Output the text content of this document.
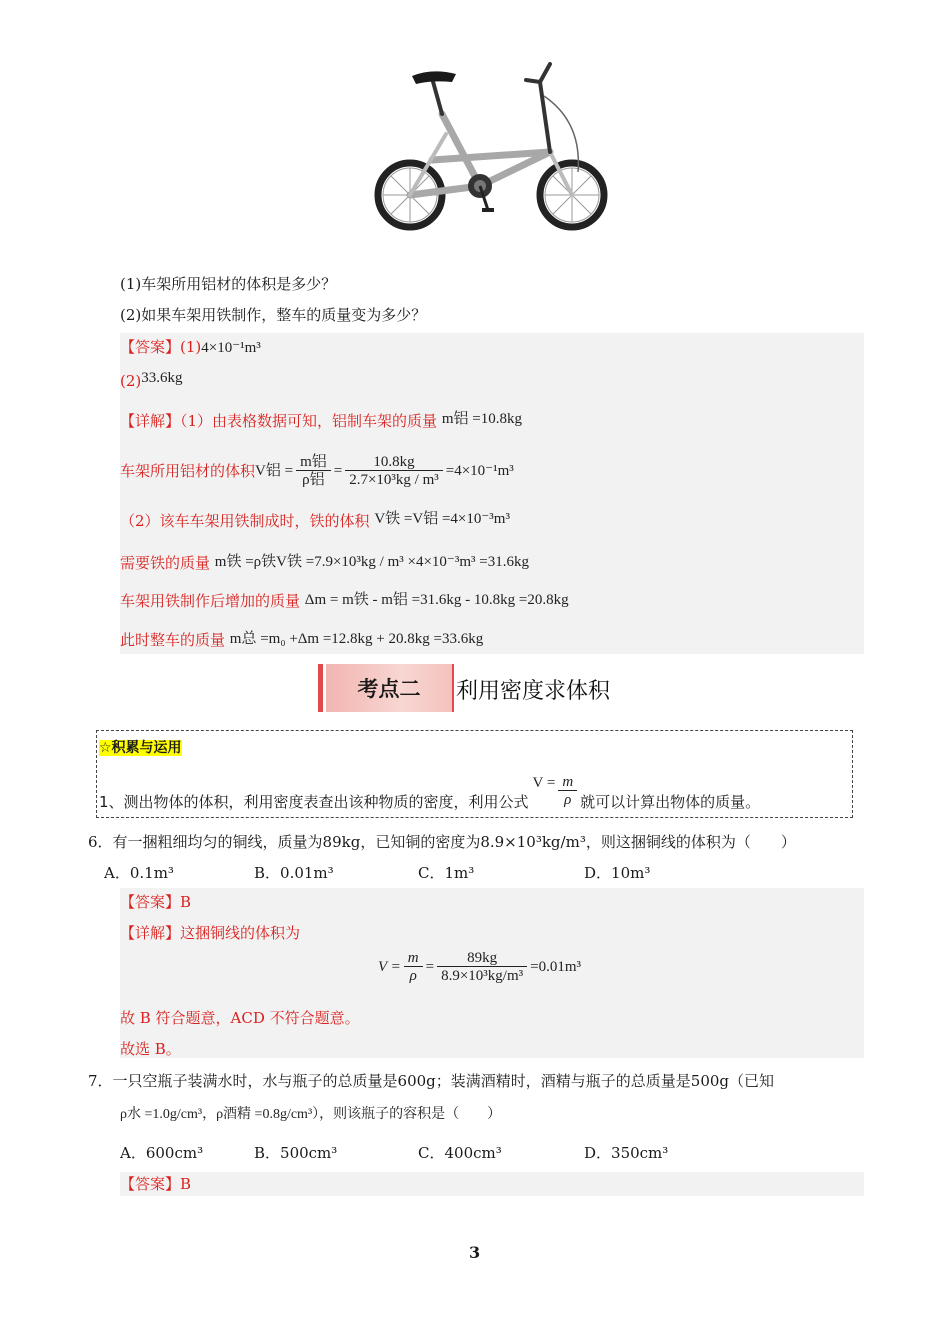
(1)车架所用铝材的体积是多少？
(2)如果车架用铁制作，整车的质量变为多少？
【答案】(1)4×10⁻¹m³
(2)33.6kg
【详解】（1）由表格数据可知，铝制车架的质量 m铝 =10.8kg
车架所用铝材的体积 V铝 = $\frac{\text{m铝}}{\text{ρ铝}} = \frac{10.8kg}{\text{2.7×10³kg / m³}} =4\times 10^{-1}m^3$
（2）该车车架用铁制成时，铁的体积 V铁 =V铝 =4×10⁻³m³
需要铁的质量 m铁 =ρ铁V铁 =7.9×10³kg / m³ ×4×10⁻³m³ =31.6kg
车架用铁制作后增加的质量 Δm = m铁 - m铝 =31.6kg - 10.8kg =20.8kg
此时整车的质量 m总 =m₀ +Δm =12.8kg + 20.8kg =33.6kg
考点二 利用密度求体积
☆积累与运用
1、测出物体的体积，利用密度表查出该种物质的密度，利用公式
$V = \frac{m}{\rho}$ 就可以计算出物体的质量。
6．有一捆粗细均匀的铜线，质量为89kg，已知铜的密度为8.9×10³kg/m³，则这捆铜线的体积为（　　）
A．0.1m³	B．0.01m³	C．1m³	D．10m³
【答案】B
【详解】这捆铜线的体积为
$V = \frac{m}{\rho} = \frac{89kg}{\text{8.9×10³kg/m³}} =0.01m^3$
故 B 符合题意，ACD 不符合题意。
故选 B。
7．一只空瓶子装满水时，水与瓶子的总质量是600g；装满酒精时，酒精与瓶子的总质量是500g（已知
ρ水 =1.0g/cm³，ρ酒精 =0.8g/cm³），则该瓶子的容积是（　　）
A．600cm³	B．500cm³	C．400cm³	D．350cm³
【答案】B
3
